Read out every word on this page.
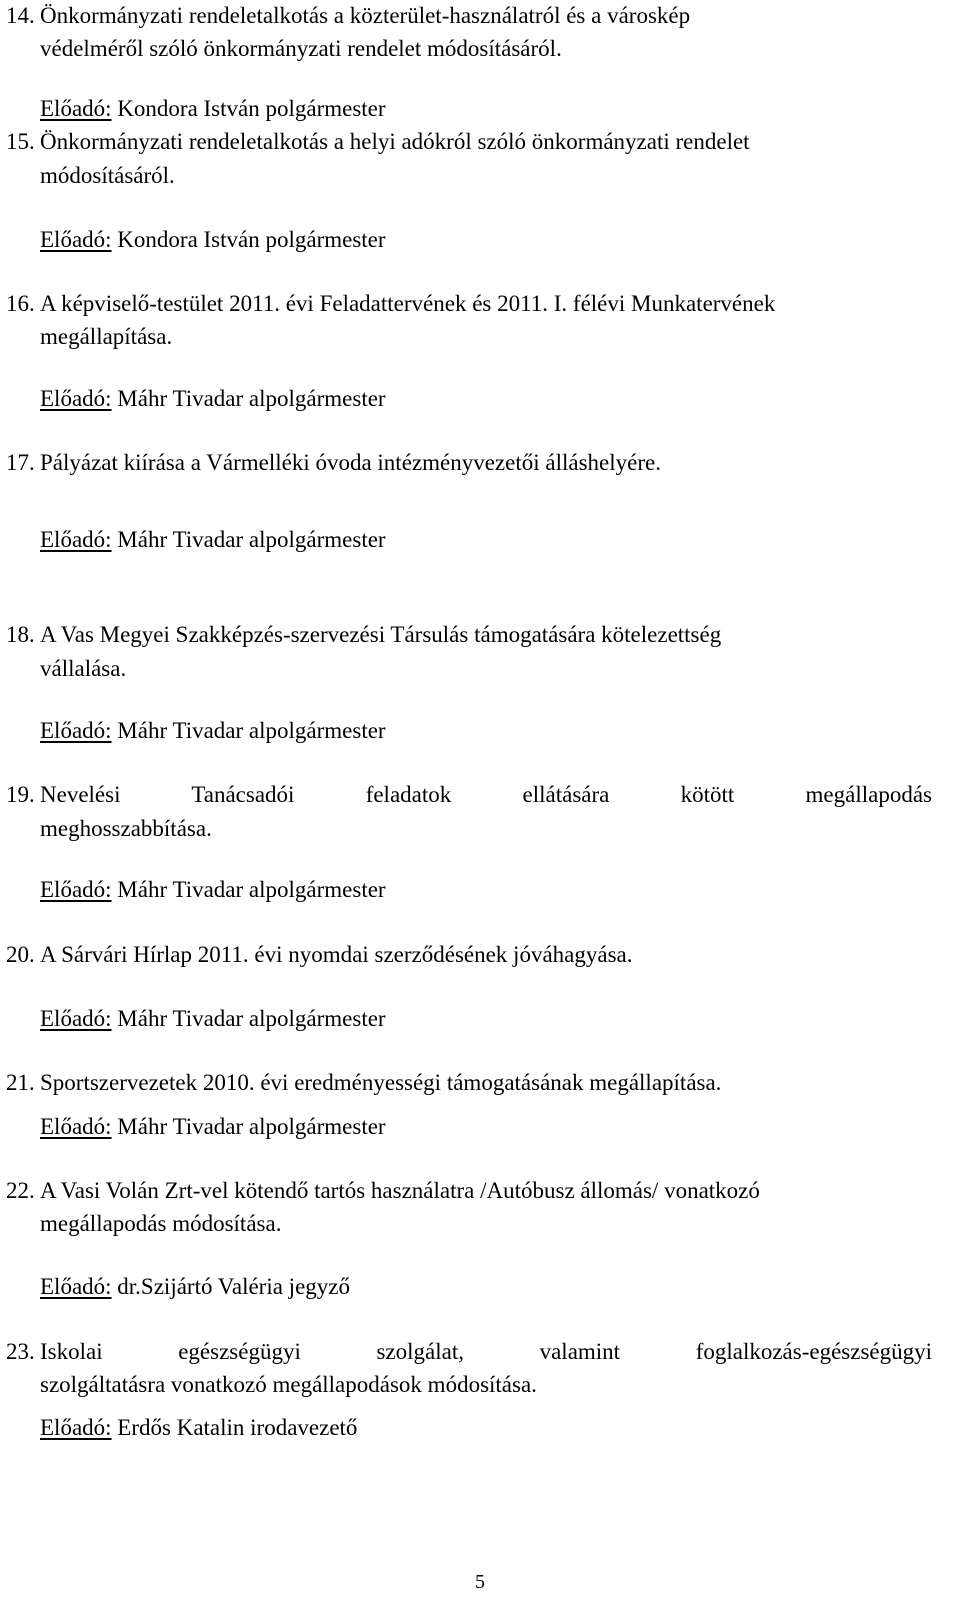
14. Önkormányzati rendeletalkotás a közterület-használatról és a városkép
védelméről szóló önkormányzati rendelet módosításáról.
Előadó: Kondora István polgármester
15. Önkormányzati rendeletalkotás a helyi adókról szóló önkormányzati rendelet
módosításáról.
Előadó: Kondora István polgármester
16. A képviselő-testület 2011. évi Feladattervének és 2011. I. félévi Munkatervének
megállapítása.
Előadó: Máhr Tivadar alpolgármester
17. Pályázat kiírása a Vármelléki óvoda intézményvezetői álláshelyére.
Előadó: Máhr Tivadar alpolgármester
18. A Vas Megyei Szakképzés-szervezési Társulás támogatására kötelezettség
vállalása.
Előadó: Máhr Tivadar alpolgármester
19. Nevelési Tanácsadói feladatok ellátására kötött megállapodás
meghosszabbítása.
Előadó: Máhr Tivadar alpolgármester
20. A Sárvári Hírlap 2011. évi nyomdai szerződésének jóváhagyása.
Előadó: Máhr Tivadar alpolgármester
21. Sportszervezetek 2010. évi eredményességi támogatásának megállapítása.
Előadó: Máhr Tivadar alpolgármester
22. A Vasi Volán Zrt-vel kötendő tartós használatra /Autóbusz állomás/ vonatkozó
megállapodás módosítása.
Előadó: dr.Szijártó Valéria jegyző
23. Iskolai egészségügyi szolgálat, valamint foglalkozás-egészségügyi
szolgáltatásra vonatkozó megállapodások módosítása.
Előadó: Erdős Katalin irodavezető
5
